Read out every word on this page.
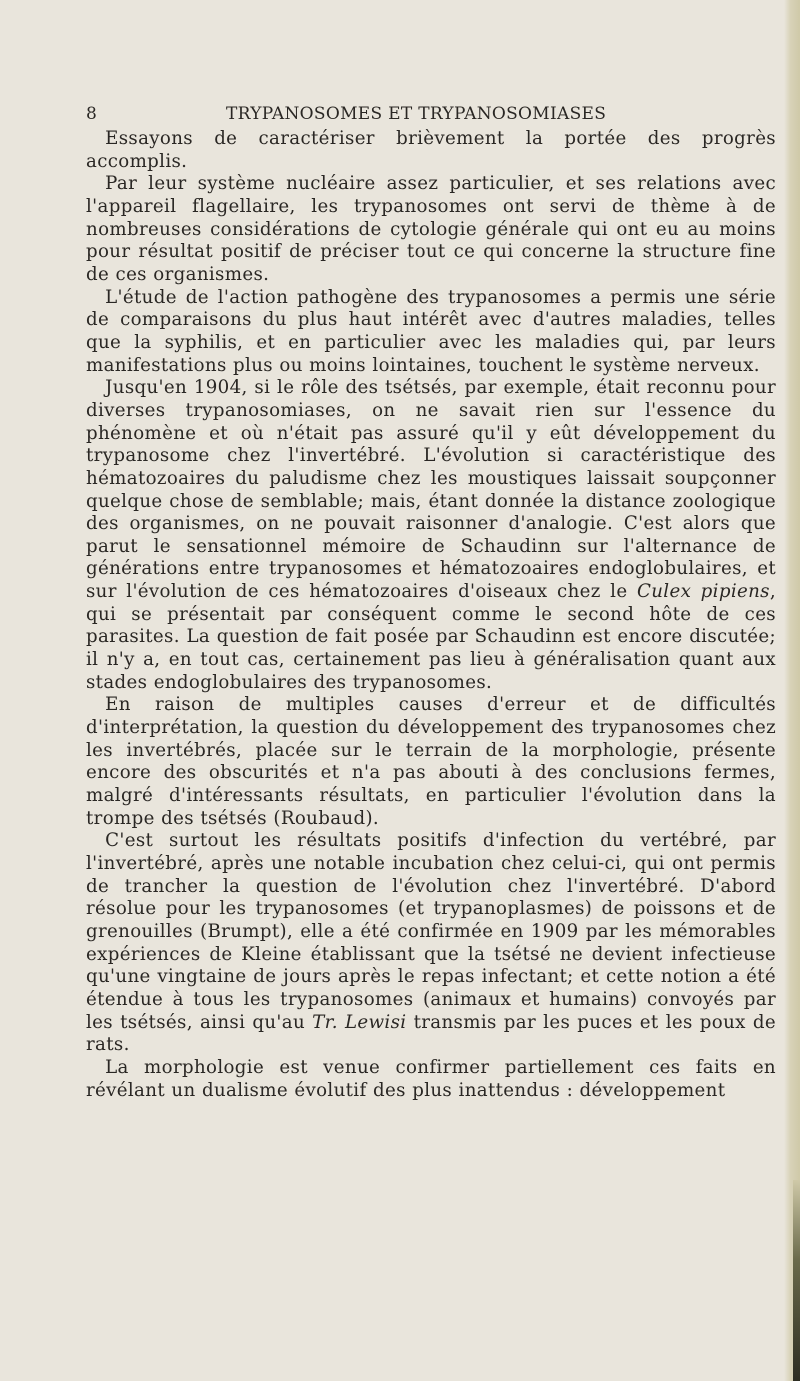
8	TRYPANOSOMES ET TRYPANOSOMIASES

Essayons de caractériser brièvement la portée des progrès accomplis.

Par leur système nucléaire assez particulier, et ses relations avec l'appareil flagellaire, les trypanosomes ont servi de thème à de nombreuses considérations de cytologie générale qui ont eu au moins pour résultat positif de préciser tout ce qui concerne la structure fine de ces organismes.

L'étude de l'action pathogène des trypanosomes a permis une série de comparaisons du plus haut intérêt avec d'autres maladies, telles que la syphilis, et en particulier avec les maladies qui, par leurs manifestations plus ou moins lointaines, touchent le système nerveux.

Jusqu'en 1904, si le rôle des tsétsés, par exemple, était reconnu pour diverses trypanosomiases, on ne savait rien sur l'essence du phénomène et où n'était pas assuré qu'il y eût développement du trypanosome chez l'invertébré. L'évolution si caractéristique des hématozoaires du paludisme chez les moustiques laissait soupçonner quelque chose de semblable; mais, étant donnée la distance zoologique des organismes, on ne pouvait raisonner d'analogie. C'est alors que parut le sensationnel mémoire de Schaudinn sur l'alternance de générations entre trypanosomes et hématozoaires endoglobulaires, et sur l'évolution de ces hématozoaires d'oiseaux chez le Culex pipiens, qui se présentait par conséquent comme le second hôte de ces parasites. La question de fait posée par Schaudinn est encore discutée; il n'y a, en tout cas, certainement pas lieu à généralisation quant aux stades endoglobulaires des trypanosomes.

En raison de multiples causes d'erreur et de difficultés d'interprétation, la question du développement des trypanosomes chez les invertébrés, placée sur le terrain de la morphologie, présente encore des obscurités et n'a pas abouti à des conclusions fermes, malgré d'intéressants résultats, en particulier l'évolution dans la trompe des tsétsés (Roubaud).

C'est surtout les résultats positifs d'infection du vertébré, par l'invertébré, après une notable incubation chez celui-ci, qui ont permis de trancher la question de l'évolution chez l'invertébré. D'abord résolue pour les trypanosomes (et trypanoplasmes) de poissons et de grenouilles (Brumpt), elle a été confirmée en 1909 par les mémorables expériences de Kleine établissant que la tsétsé ne devient infectieuse qu'une vingtaine de jours après le repas infectant; et cette notion a été étendue à tous les trypanosomes (animaux et humains) convoyés par les tsétsés, ainsi qu'au Tr. Lewisi transmis par les puces et les poux de rats.

La morphologie est venue confirmer partiellement ces faits en révélant un dualisme évolutif des plus inattendus : développement
